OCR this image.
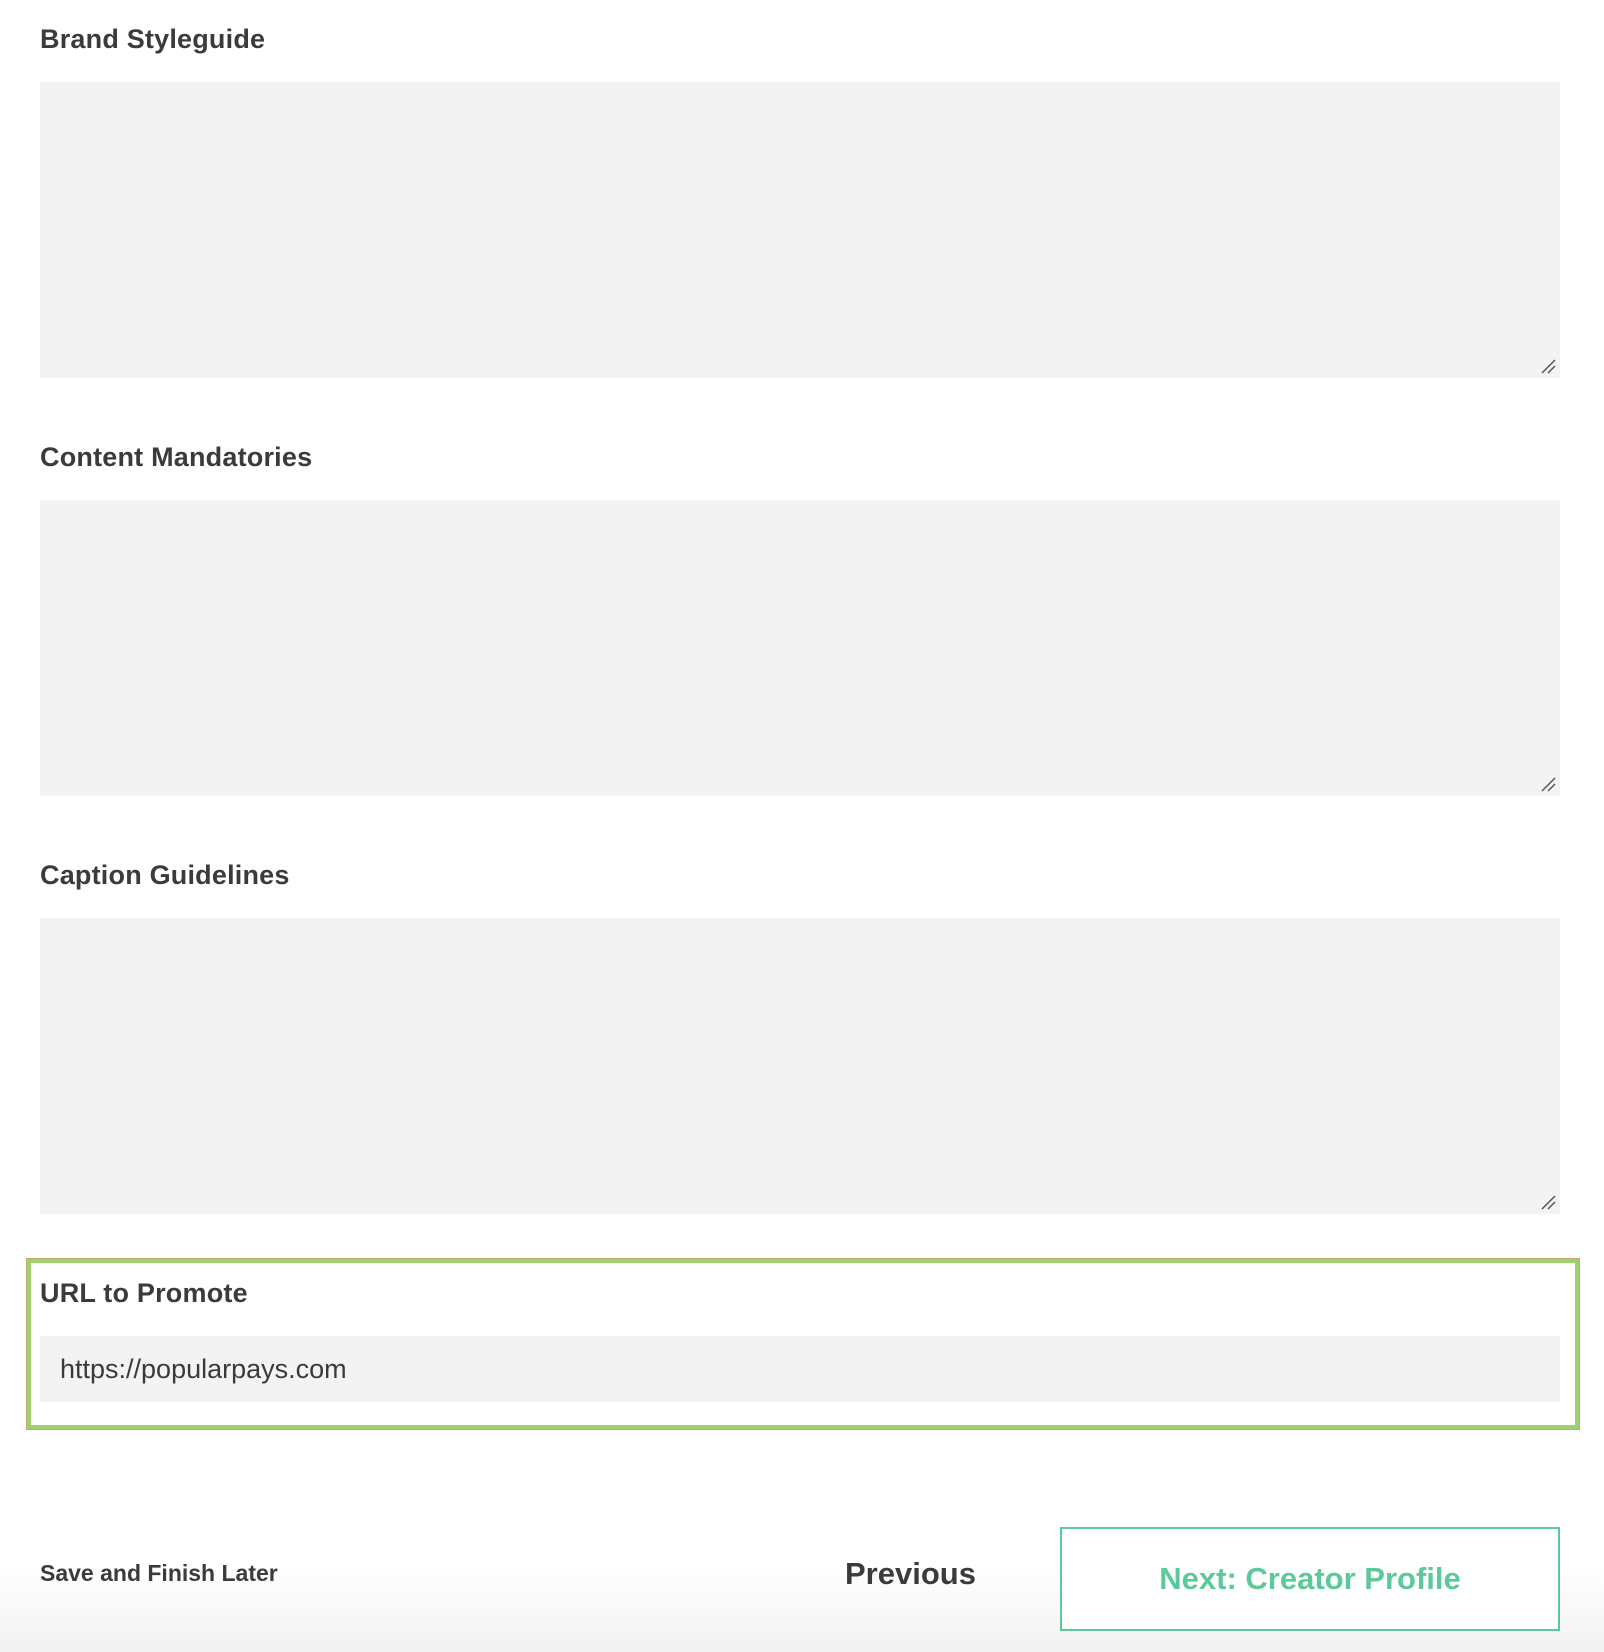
Brand Styleguide
Content Mandatories
Caption Guidelines
URL to Promote
https://popularpays.com
Save and Finish Later	Previous	Next: Creator Profile
